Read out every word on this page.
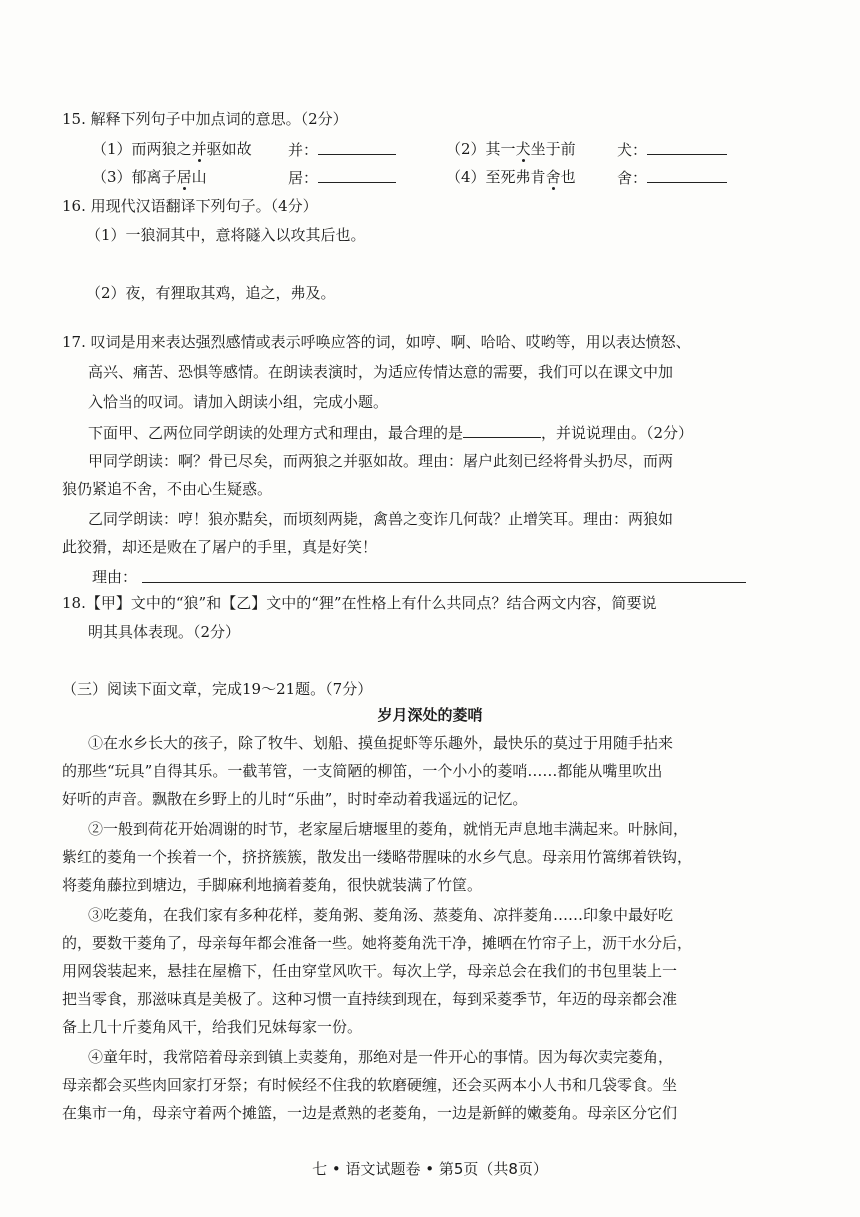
15. 解释下列句子中加点词的意思。（2分）
（1）而两狼之并驱如故 并：	（2）其一犬坐于前	犬：
（3）郁离子居山	居：	（4）至死弗肯舍也	舍：
16. 用现代汉语翻译下列句子。（4分）
（1）一狼洞其中，意将隧入以攻其后也。
（2）夜，有狸取其鸡，追之，弗及。
17. 叹词是用来表达强烈感情或表示呼唤应答的词，如哼、啊、哈哈、哎哟等，用以表达愤怒、
高兴、痛苦、恐惧等感情。在朗读表演时，为适应传情达意的需要，我们可以在课文中加
入恰当的叹词。请加入朗读小组，完成小题。
下面甲、乙两位同学朗读的处理方式和理由，最合理的是	，并说说理由。（2分）
甲同学朗读：啊？骨已尽矣，而两狼之并驱如故。理由：屠户此刻已经将骨头扔尽，而两
狼仍紧追不舍，不由心生疑惑。
乙同学朗读：哼！狼亦黠矣，而顷刻两毙，禽兽之变诈几何哉？止增笑耳。理由：两狼如
此狡猾，却还是败在了屠户的手里，真是好笑！
理由：
18.【甲】文中的“狼”和【乙】文中的“狸”在性格上有什么共同点？结合两文内容，简要说
明其具体表现。（2分）
（三）阅读下面文章，完成19～21题。（7分）
岁月深处的菱哨
①在水乡长大的孩子，除了牧牛、划船、摸鱼捉虾等乐趣外，最快乐的莫过于用随手拈来
的那些“玩具”自得其乐。一截苇管，一支简陋的柳笛，一个小小的菱哨……都能从嘴里吹出
好听的声音。飘散在乡野上的儿时“乐曲”，时时牵动着我遥远的记忆。
②一般到荷花开始凋谢的时节，老家屋后塘堰里的菱角，就悄无声息地丰满起来。叶脉间，
紫红的菱角一个挨着一个，挤挤簇簇，散发出一缕略带腥味的水乡气息。母亲用竹篙绑着铁钩，
将菱角藤拉到塘边，手脚麻利地摘着菱角，很快就装满了竹筐。
③吃菱角，在我们家有多种花样，菱角粥、菱角汤、蒸菱角、凉拌菱角……印象中最好吃
的，要数干菱角了，母亲每年都会准备一些。她将菱角洗干净，摊晒在竹帘子上，沥干水分后，
用网袋装起来，悬挂在屋檐下，任由穿堂风吹干。每次上学，母亲总会在我们的书包里装上一
把当零食，那滋味真是美极了。这种习惯一直持续到现在，每到采菱季节，年迈的母亲都会准
备上几十斤菱角风干，给我们兄妹每家一份。
④童年时，我常陪着母亲到镇上卖菱角，那绝对是一件开心的事情。因为每次卖完菱角，
母亲都会买些肉回家打牙祭；有时候经不住我的软磨硬缠，还会买两本小人书和几袋零食。坐
在集市一角，母亲守着两个摊篮，一边是煮熟的老菱角，一边是新鲜的嫩菱角。母亲区分它们
七 • 语文试题卷 • 第5页（共8页）
